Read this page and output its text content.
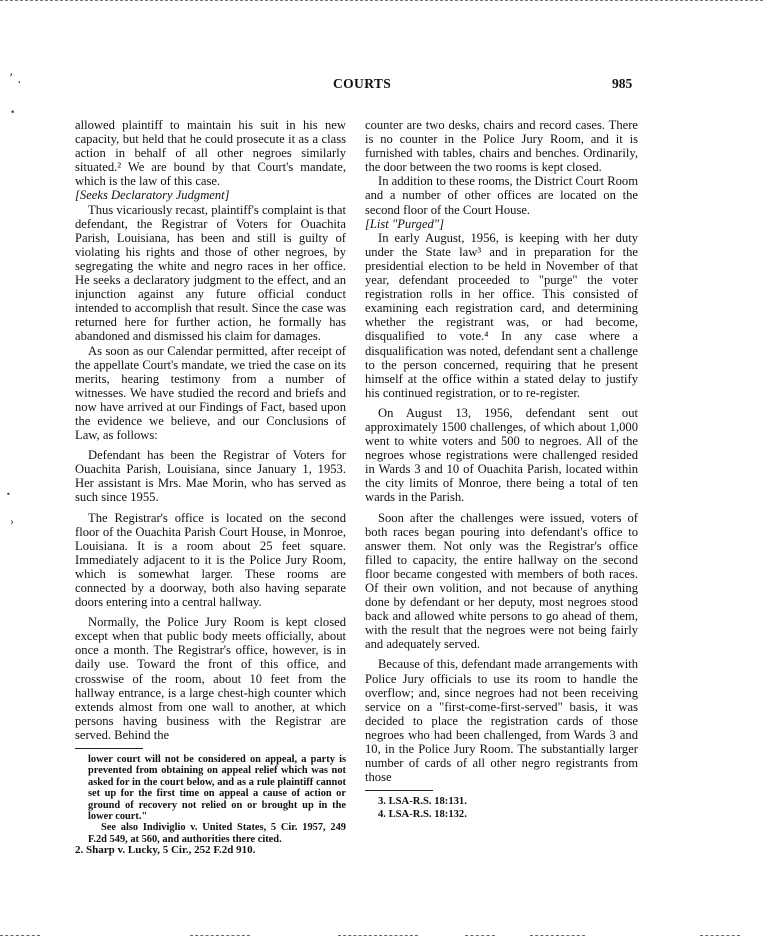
ʼ .
•
•
›
COURTS	985

allowed plaintiff to maintain his suit in his new capacity, but held that he could prosecute it as a class action in behalf of all other negroes similarly situated.² We are bound by that Court's mandate, which is the law of this case.

[Seeks Declaratory Judgment]

Thus vicariously recast, plaintiff's complaint is that defendant, the Registrar of Voters for Ouachita Parish, Louisiana, has been and still is guilty of violating his rights and those of other negroes, by segregating the white and negro races in her office. He seeks a declaratory judgment to the effect, and an injunction against any future official conduct intended to accomplish that result. Since the case was returned here for further action, he formally has abandoned and dismissed his claim for damages.

As soon as our Calendar permitted, after receipt of the appellate Court's mandate, we tried the case on its merits, hearing testimony from a number of witnesses. We have studied the record and briefs and now have arrived at our Findings of Fact, based upon the evidence we believe, and our Conclusions of Law, as follows:

Defendant has been the Registrar of Voters for Ouachita Parish, Louisiana, since January 1, 1953. Her assistant is Mrs. Mae Morin, who has served as such since 1955.

The Registrar's office is located on the second floor of the Ouachita Parish Court House, in Monroe, Louisiana. It is a room about 25 feet square. Immediately adjacent to it is the Police Jury Room, which is somewhat larger. These rooms are connected by a doorway, both also having separate doors entering into a central hallway.

Normally, the Police Jury Room is kept closed except when that public body meets officially, about once a month. The Registrar's office, however, is in daily use. Toward the front of this office, and crosswise of the room, about 10 feet from the hallway entrance, is a large chest-high counter which extends almost from one wall to another, at which persons having business with the Registrar are served. Behind the

lower court will not be considered on appeal, a party is prevented from obtaining on appeal relief which was not asked for in the court below, and as a rule plaintiff cannot set up for the first time on appeal a cause of action or ground of recovery not relied on or brought up in the lower court."

See also Indiviglio v. United States, 5 Cir. 1957, 249 F.2d 549, at 560, and authorities there cited.

2. Sharp v. Lucky, 5 Cir., 252 F.2d 910.

counter are two desks, chairs and record cases. There is no counter in the Police Jury Room, and it is furnished with tables, chairs and benches. Ordinarily, the door between the two rooms is kept closed.

In addition to these rooms, the District Court Room and a number of other offices are located on the second floor of the Court House.

[List "Purged"]

In early August, 1956, is keeping with her duty under the State law³ and in preparation for the presidential election to be held in November of that year, defendant proceeded to "purge" the voter registration rolls in her office. This consisted of examining each registration card, and determining whether the registrant was, or had become, disqualified to vote.⁴ In any case where a disqualification was noted, defendant sent a challenge to the person concerned, requiring that he present himself at the office within a stated delay to justify his continued registration, or to re-register.

On August 13, 1956, defendant sent out approximately 1500 challenges, of which about 1,000 went to white voters and 500 to negroes. All of the negroes whose registrations were challenged resided in Wards 3 and 10 of Ouachita Parish, located within the city limits of Monroe, there being a total of ten wards in the Parish.

Soon after the challenges were issued, voters of both races began pouring into defendant's office to answer them. Not only was the Registrar's office filled to capacity, the entire hallway on the second floor became congested with members of both races. Of their own volition, and not because of anything done by defendant or her deputy, most negroes stood back and allowed white persons to go ahead of them, with the result that the negroes were not being fairly and adequately served.

Because of this, defendant made arrangements with Police Jury officials to use its room to handle the overflow; and, since negroes had not been receiving service on a "first-come-first-served" basis, it was decided to place the registration cards of those negroes who had been challenged, from Wards 3 and 10, in the Police Jury Room. The substantially larger number of cards of all other negro registrants from those

3. LSA-R.S. 18:131.
4. LSA-R.S. 18:132.
